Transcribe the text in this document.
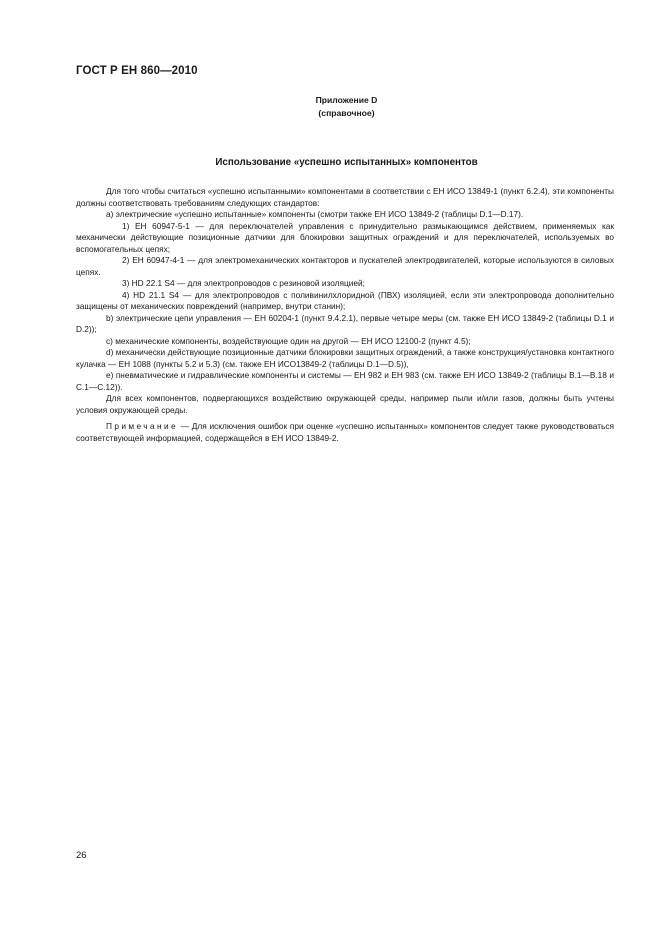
ГОСТ Р ЕН 860—2010
Приложение D
(справочное)
Использование «успешно испытанных» компонентов

Для того чтобы считаться «успешно испытанными» компонентами в соответствии с ЕН ИСО 13849-1 (пункт 6.2.4), эти компоненты должны соответствовать требованиям следующих стандартов:

а) электрические «успешно испытанные» компоненты (смотри также ЕН ИСО 13849-2 (таблицы D.1—D.17).

1) ЕН 60947-5-1 — для переключателей управления с принудительно размыкающимся действием, применяемых как механически действующие позиционные датчики для блокировки защитных ограждений и для переключателей, используемых во вспомогательных цепях;

2) ЕН 60947-4-1 — для электромеханических контакторов и пускателей электродвигателей, которые используются в силовых цепях.

3) HD 22.1 S4 — для электропроводов с резиновой изоляцией;

4) HD 21.1 S4 — для электропроводов с поливинилхлоридной (ПВХ) изоляцией, если эти электропровода дополнительно защищены от механических повреждений (например, внутри станин);

b) электрические цепи управления — ЕН 60204-1 (пункт 9.4.2.1), первые четыре меры (см. также ЕН ИСО 13849-2 (таблицы D.1 и D.2));

c) механические компоненты, воздействующие один на другой — ЕН ИСО 12100-2 (пункт 4.5);

d) механически действующие позиционные датчики блокировки защитных ограждений, а также конструкция/установка контактного кулачка — ЕН 1088 (пункты 5.2 и 5.3) (см. также ЕН ИСО13849-2 (таблицы D.1—D.5)),

e) пневматические и гидравлические компоненты и системы — ЕН 982 и ЕН 983 (см. также ЕН ИСО 13849-2 (таблицы B.1—B.18 и C.1—C.12)).

Для всех компонентов, подвергающихся воздействию окружающей среды, например пыли и/или газов, должны быть учтены условия окружающей среды.

Примечание — Для исключения ошибок при оценке «успешно испытанных» компонентов следует также руководствоваться соответствующей информацией, содержащейся в ЕН ИСО 13849-2.

26
